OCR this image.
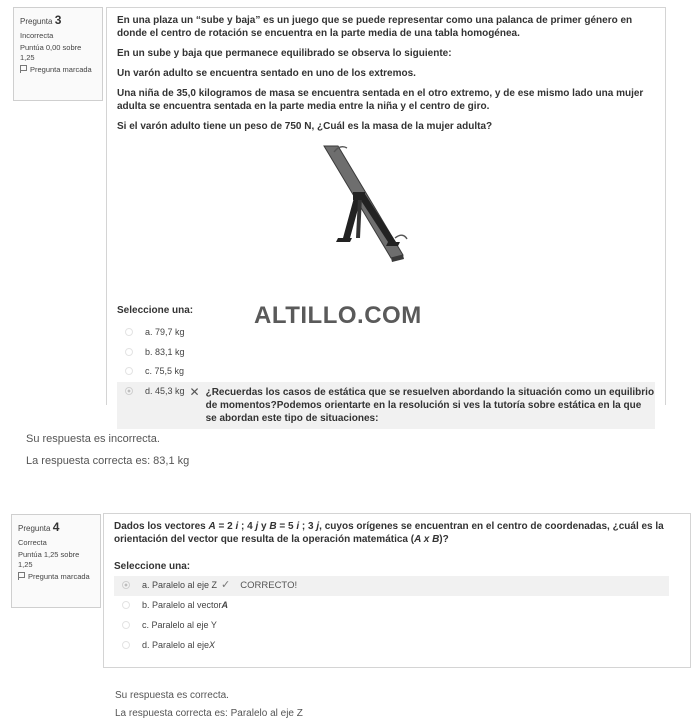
Pregunta 3
Incorrecta
Puntúa 0,00 sobre 1,25
Pregunta marcada

En una plaza un “sube y baja” es un juego que se puede representar como una palanca de primer género en donde el centro de rotación se encuentra en la parte media de una tabla homogénea.

En un sube y baja que permanece equilibrado se observa lo siguiente:

Un varón adulto se encuentra sentado en uno de los extremos.

Una niña de 35,0 kilogramos de masa se encuentra sentada en el otro extremo, y de ese mismo lado una mujer adulta se encuentra sentada en la parte media entre la niña y el centro de giro.

Si el varón adulto tiene un peso de 750 N, ¿Cuál es la masa de la mujer adulta?

Seleccione una:
a. 79,7 kg
b. 83,1 kg
c. 75,5 kg
d. 45,3 kg ✕ ¿Recuerdas los casos de estática que se resuelven abordando la situación como un equilibrio de momentos?Podemos orientarte en la resolución si ves la tutoría sobre estática en la que se abordan este tipo de situaciones:
ALTILLO.COM
Su respuesta es incorrecta.
La respuesta correcta es: 83,1 kg
Pregunta 4
Correcta
Puntúa 1,25 sobre 1,25
Pregunta marcada

Dados los vectores A = 2 i ; 4 j y B = 5 i ; 3 j, cuyos orígenes se encuentran en el centro de coordenadas, ¿cuál es la orientación del vector que resulta de la operación matemática (A x B)?

Seleccione una:
a. Paralelo al eje Z ✓ CORRECTO!
b. Paralelo al vector A
c. Paralelo al eje Y
d. Paralelo al eje X
Su respuesta es correcta.
La respuesta correcta es: Paralelo al eje Z
